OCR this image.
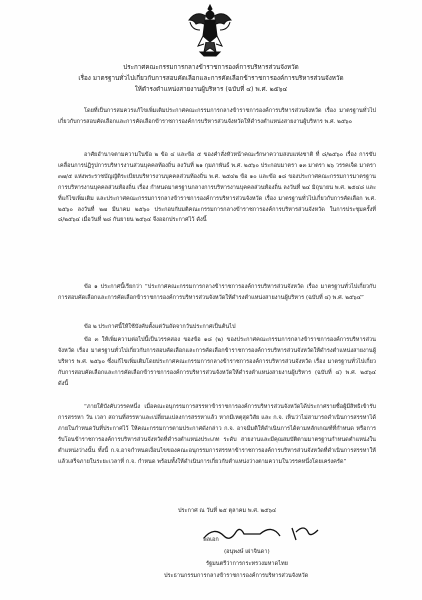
ประกาศคณะกรรมการกลางข้าราชการองค์การบริหารส่วนจังหวัด
เรื่อง มาตรฐานทั่วไปเกี่ยวกับการสอบคัดเลือกและการคัดเลือกข้าราชการองค์การบริหารส่วนจังหวัด
ให้ดำรงตำแหน่งสายงานผู้บริหาร (ฉบับที่ ๔) พ.ศ. ๒๕๖๔
โดยที่เป็นการสมควรแก้ไขเพิ่มเติมประกาศคณะกรรมการกลางข้าราชการองค์การบริหารส่วนจังหวัด เรื่อง มาตรฐานทั่วไปเกี่ยวกับการสอบคัดเลือกและการคัดเลือกข้าราชการองค์การบริหารส่วนจังหวัดให้ดำรงตำแหน่งสายงานผู้บริหาร พ.ศ. ๒๕๖๐
อาศัยอำนาจตามความในข้อ ๒ ข้อ ๔ และข้อ ๕ ของคำสั่งหัวหน้าคณะรักษาความสงบแห่งชาติ ที่ ๘/๒๕๖๐ เรื่อง การขับเคลื่อนการปฏิรูปการบริหารงานส่วนบุคคลท้องถิ่น ลงวันที่ ๒๑ กุมภาพันธ์ พ.ศ. ๒๕๖๐ ประกอบมาตรา ๑๓ มาตรา ๒๖ วรรคเจ็ด มาตรา ๓๗/๕ แห่งพระราชบัญญัติระเบียบบริหารงานบุคคลส่วนท้องถิ่น พ.ศ. ๒๕๔๒ ข้อ ๑๐ และข้อ ๑๘ ของประกาศคณะกรรมการมาตรฐานการบริหารงานบุคคลส่วนท้องถิ่น เรื่อง กำหนดมาตรฐานกลางการบริหารงานบุคคลส่วนท้องถิ่น ลงวันที่ ๒๔ มิถุนายน พ.ศ. ๒๕๔๘ และที่แก้ไขเพิ่มเติม และประกาศคณะกรรมการกลางข้าราชการองค์การบริหารส่วนจังหวัด เรื่อง มาตรฐานทั่วไปเกี่ยวกับการคัดเลือก พ.ศ. ๒๕๖๐ ลงวันที่ ๒๗ มีนาคม ๒๕๖๐ ประกอบกับมติคณะกรรมการกลางข้าราชการองค์การบริหารส่วนจังหวัด ในการประชุมครั้งที่ ๘/๒๕๖๔ เมื่อวันที่ ๒๘ กันยายน ๒๕๖๔ จึงออกประกาศไว้ ดังนี้
ข้อ ๑ ประกาศนี้เรียกว่า “ประกาศคณะกรรมการกลางข้าราชการองค์การบริหารส่วนจังหวัด เรื่อง มาตรฐานทั่วไปเกี่ยวกับการสอบคัดเลือกและการคัดเลือกข้าราชการองค์การบริหารส่วนจังหวัดให้ดำรงตำแหน่งสายงานผู้บริหาร (ฉบับที่ ๔) พ.ศ. ๒๕๖๔”
ข้อ ๒ ประกาศนี้ให้ใช้บังคับตั้งแต่วันถัดจากวันประกาศเป็นต้นไป
ข้อ ๓ ให้เพิ่มความต่อไปนี้เป็นวรรคสอง ของข้อ ๑๘ (๒) ของประกาศคณะกรรมการกลางข้าราชการองค์การบริหารส่วนจังหวัด เรื่อง มาตรฐานทั่วไปเกี่ยวกับการสอบคัดเลือกและการคัดเลือกข้าราชการองค์การบริหารส่วนจังหวัดให้ดำรงตำแหน่งสายงานผู้บริหาร พ.ศ. ๒๕๖๐ ซึ่งแก้ไขเพิ่มเติมโดยประกาศคณะกรรมการกลางข้าราชการองค์การบริหารส่วนจังหวัด เรื่อง มาตรฐานทั่วไปเกี่ยวกับการสอบคัดเลือกและการคัดเลือกข้าราชการองค์การบริหารส่วนจังหวัดให้ดำรงตำแหน่งสายงานผู้บริหาร (ฉบับที่ ๔) พ.ศ. ๒๕๖๔ ดังนี้
“ภายใต้บังคับวรรคหนึ่ง เมื่อคณะอนุกรรมการสรรหาข้าราชการองค์การบริหารส่วนจังหวัดได้ประกาศรายชื่อผู้มีสิทธิเข้ารับการสรรหา วัน เวลา สถานที่สรรหาและเปลี่ยนแปลงการสรรหาแล้ว หากมีเหตุสุดวิสัย และ ก.จ. เห็นว่าไม่สามารถดำเนินการสรรหาได้ภายในกำหนดวันที่ประกาศไว้ ให้คณะกรรมการตามประกาศดังกล่าว ก.จ. อาจมีมติให้ดำเนินการได้ตามหลักเกณฑ์ที่กำหนด หรือการรับโอนข้าราชการองค์การบริหารส่วนจังหวัดที่ดำรงตำแหน่งประเภท ระดับ สายงานและมีคุณสมบัติตามมาตรฐานกำหนดตำแหน่งในตำแหน่งว่างนั้น ทั้งนี้ ก.จ.อาจกำหนดเงื่อนไขของคณะอนุกรรมการสรรหาข้าราชการองค์การบริหารส่วนจังหวัดที่ดำเนินการสรรหาให้แล้วเสร็จภายในระยะเวลาที่ ก.จ. กำหนด พร้อมทั้งให้ดำเนินการเกี่ยวกับตำแหน่งว่างตามความในวรรคหนึ่งโดยเคร่งครัด”
ประกาศ ณ วันที่ ๒๕ ตุลาคม พ.ศ. ๒๕๖๔
พลเอก
(อนุพงษ์ เผ่าจินดา)
รัฐมนตรีว่าการกระทรวงมหาดไทย
ประธานกรรมการกลางข้าราชการองค์การบริหารส่วนจังหวัด
